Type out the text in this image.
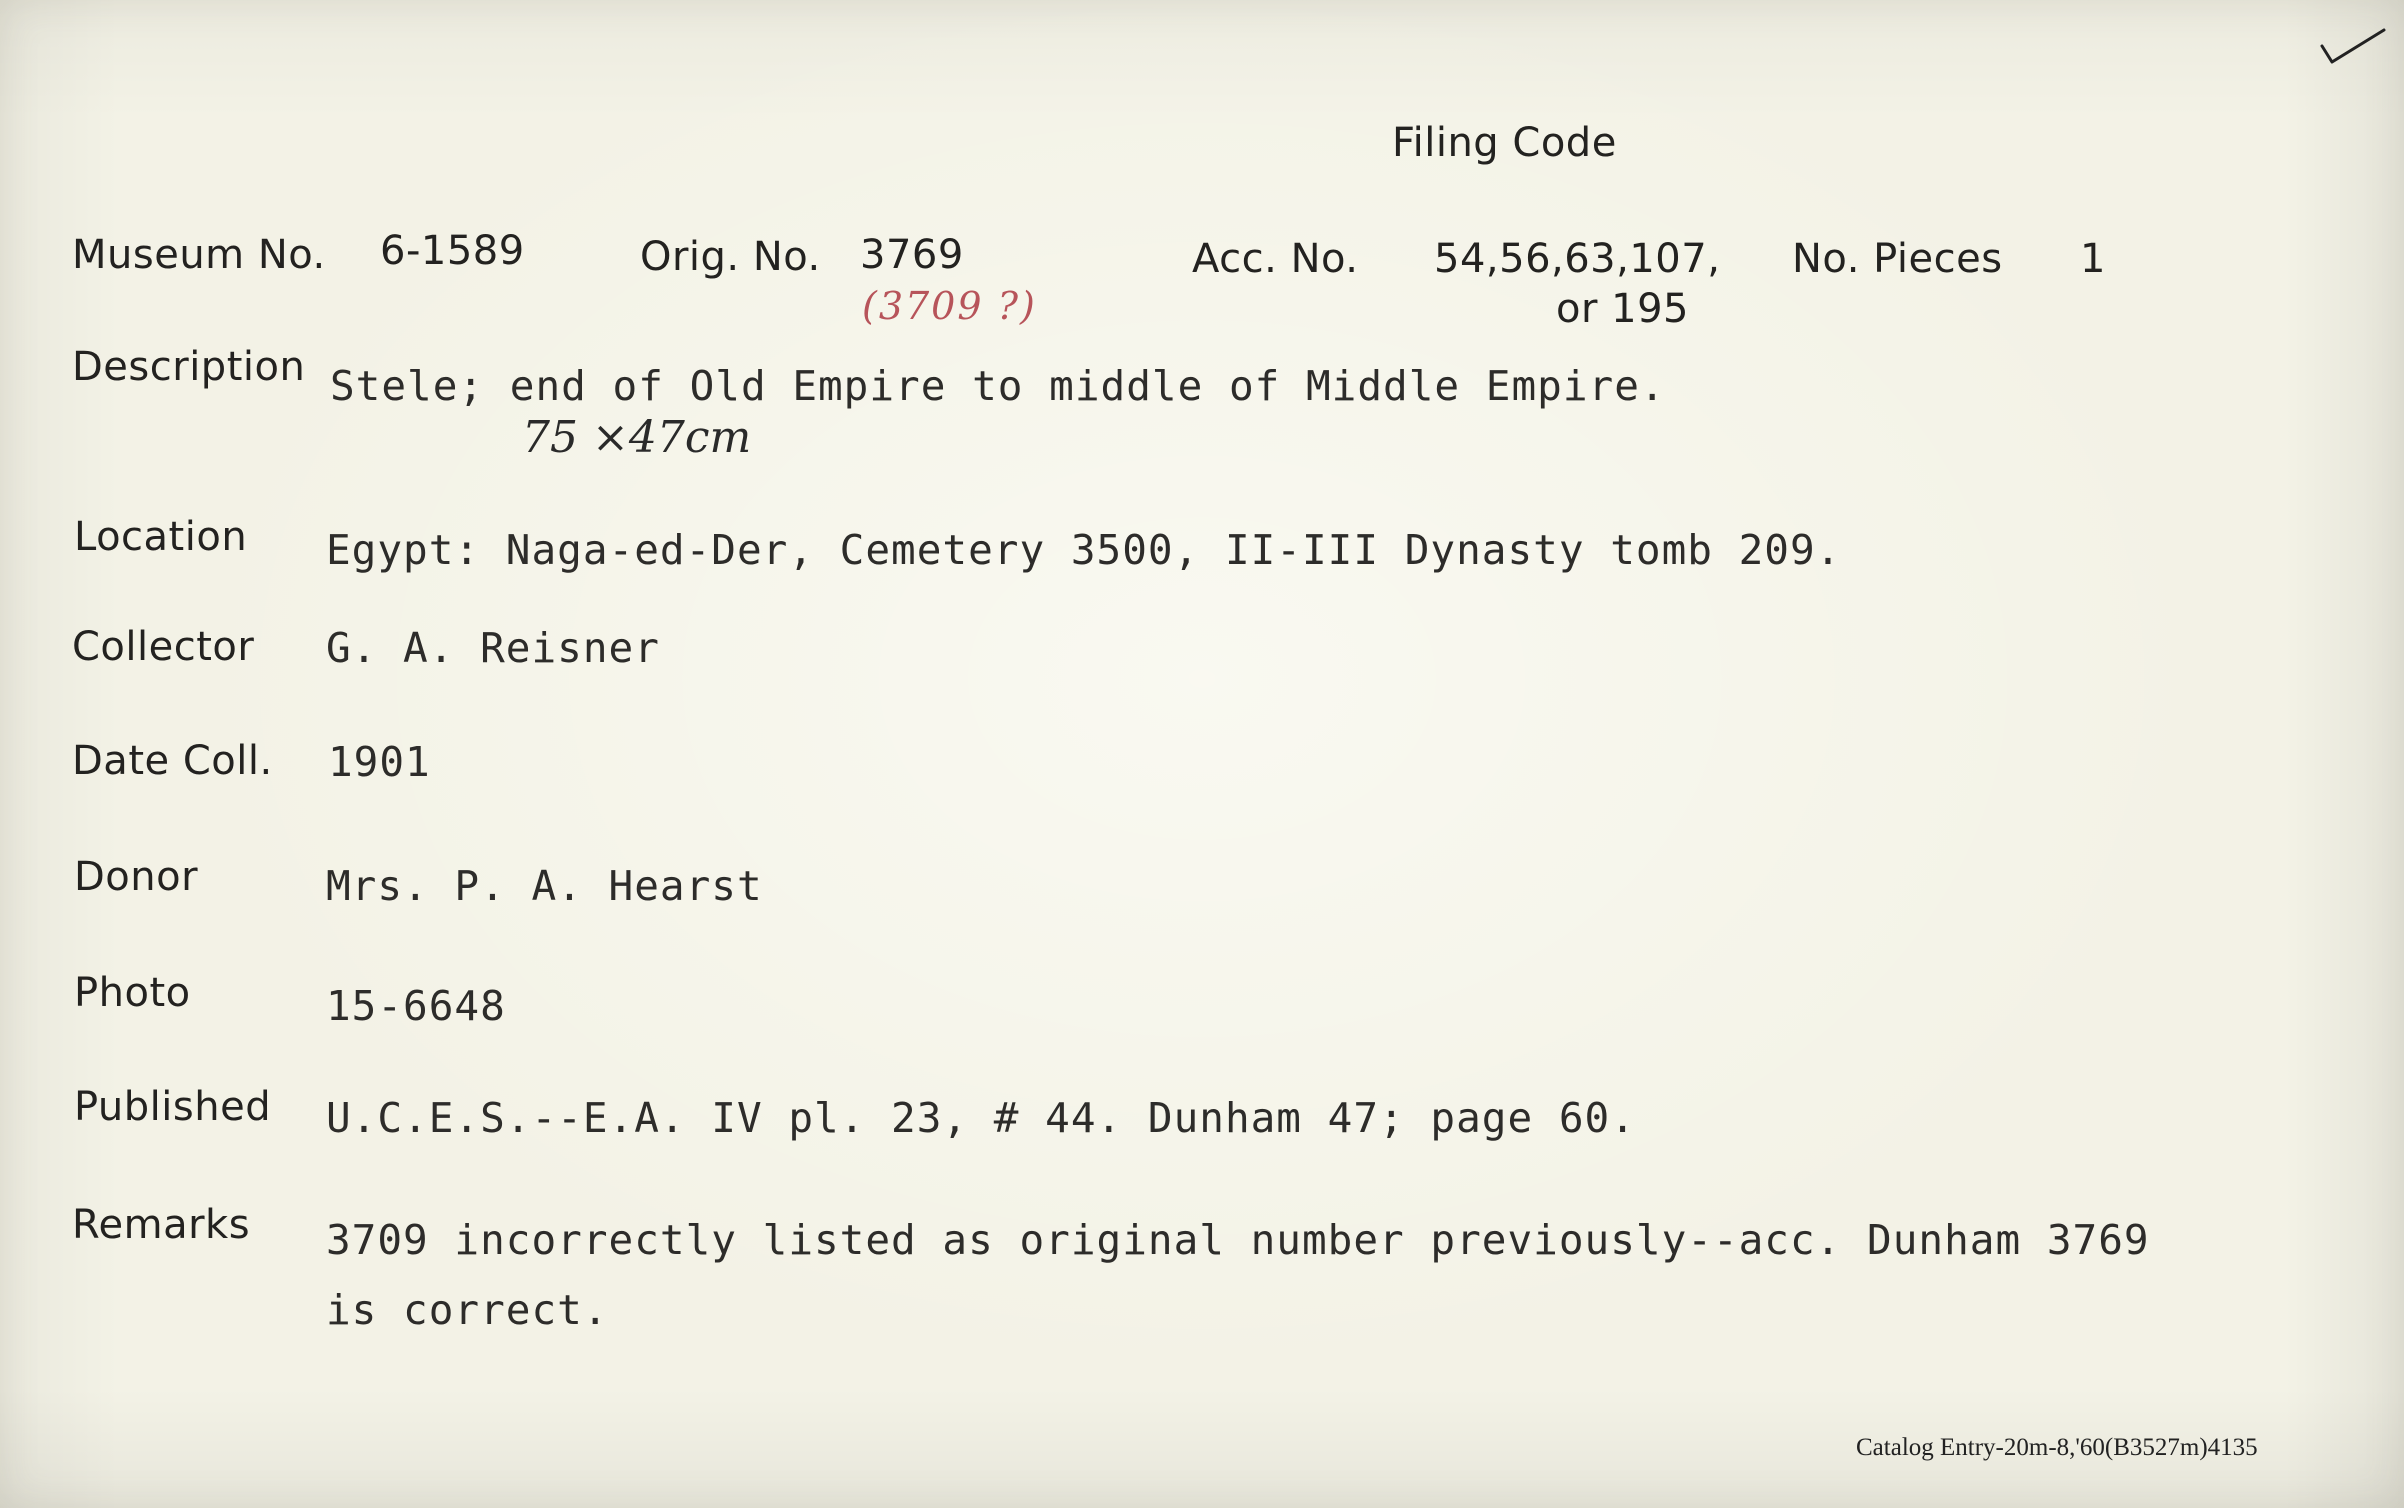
Filing Code
Museum No. 6-1589	Orig. No. 3769
(3709 ?)
Acc. No. 54,56,63,107,
or 195
No. Pieces 1
Description Stele; end of Old Empire to middle of Middle Empire.
75 ×47cm
Location Egypt: Naga-ed-Der, Cemetery 3500, II-III Dynasty tomb 209.
Collector G. A. Reisner
Date Coll. 1901
Donor	Mrs. P. A. Hearst
Photo	15-6648
Published U.C.E.S.--E.A. IV pl. 23, # 44. Dunham 47; page 60.
Remarks 3709 incorrectly listed as original number previously--acc. Dunham 3769
is correct.
Catalog Entry-20m-8,'60(B3527m)4135
